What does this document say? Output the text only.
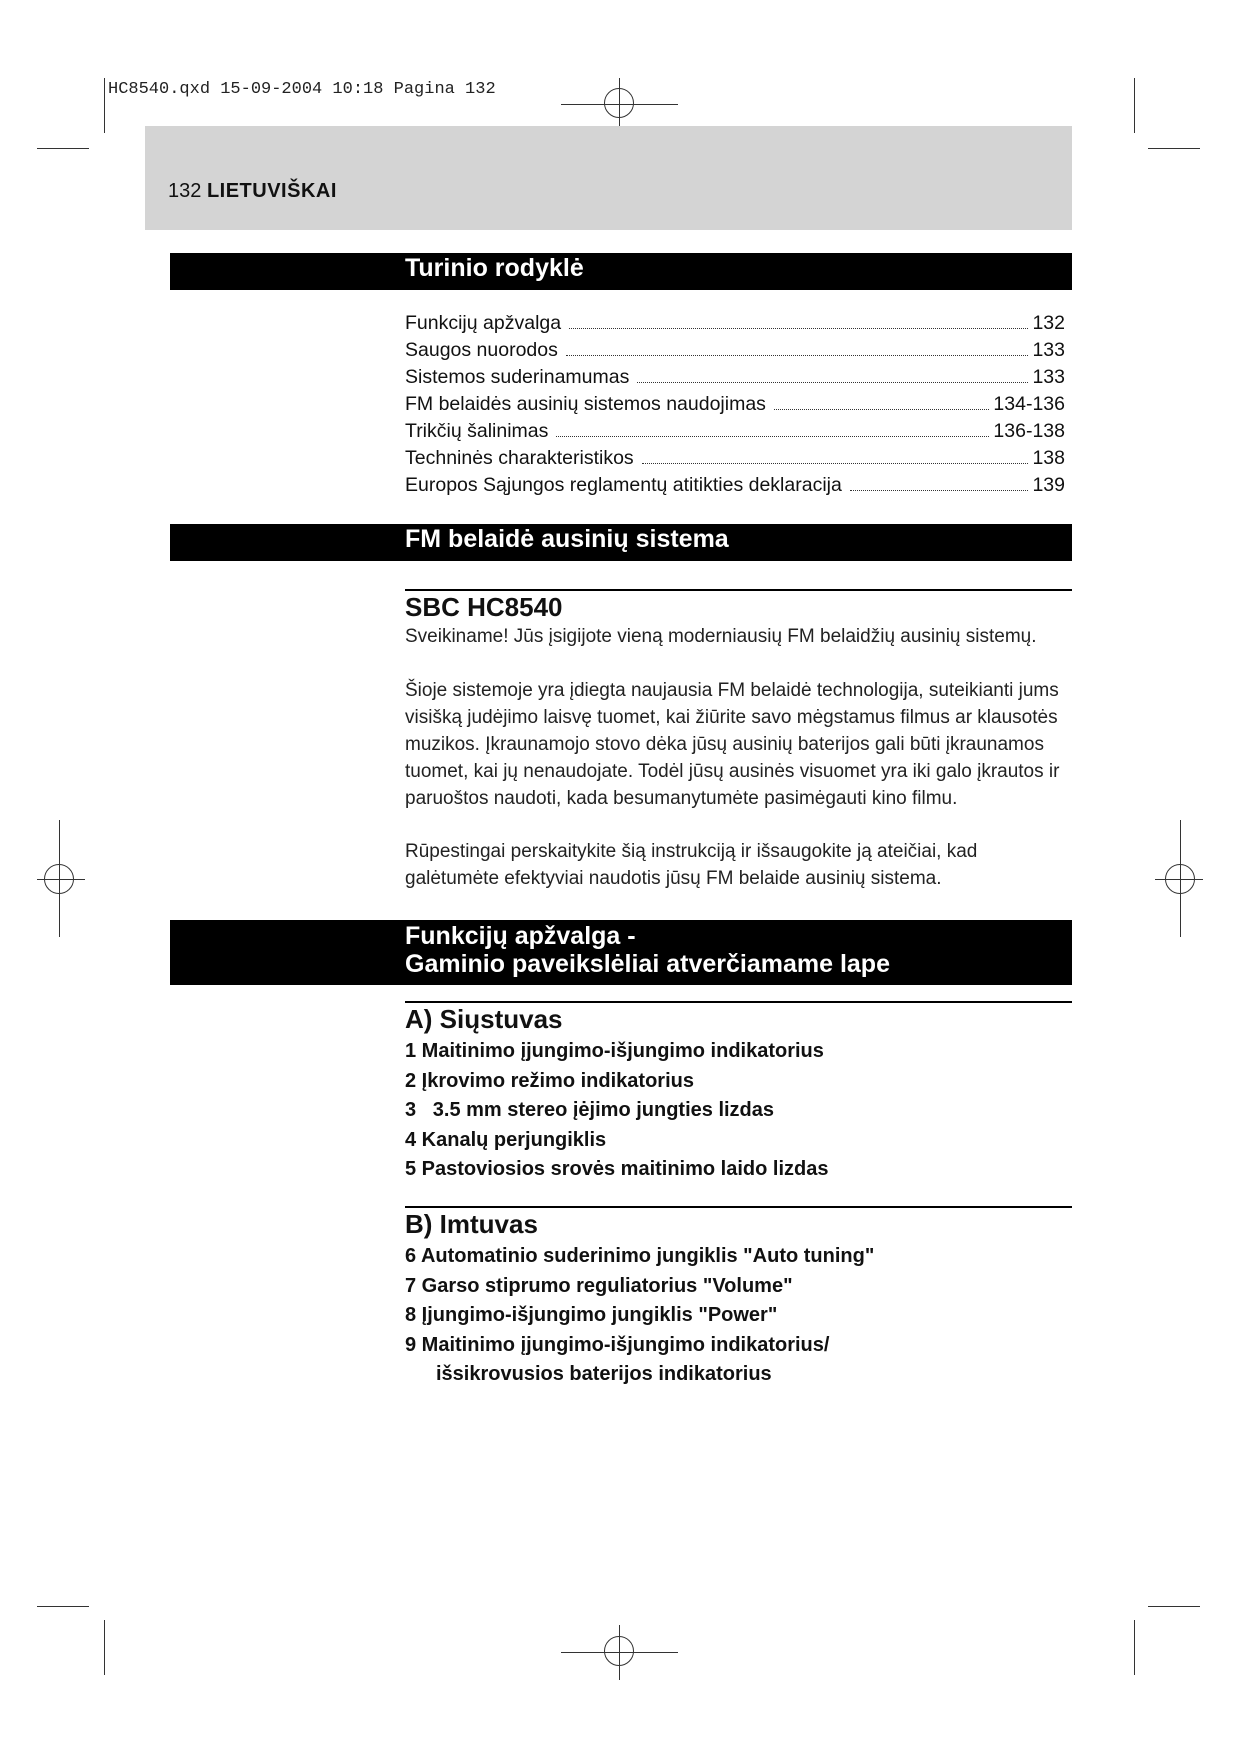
HC8540.qxd 15-09-2004 10:18 Pagina 132
132 LIETUVIŠKAI
Turinio rodyklė
Funkcijų apžvalga	132
Saugos nuorodos	133
Sistemos suderinamumas	133
FM belaidės ausinių sistemos naudojimas	134-136
Trikčių šalinimas	136-138
Techninės charakteristikos	138
Europos Sąjungos reglamentų atitikties deklaracija	139
FM belaidė ausinių sistema
SBC HC8540
Sveikiname! Jūs įsigijote vieną moderniausių FM belaidžių ausinių sistemų.
Šioje sistemoje yra įdiegta naujausia FM belaidė technologija, suteikianti jums visišką judėjimo laisvę tuomet, kai žiūrite savo mėgstamus filmus ar klausotės muzikos. Įkraunamojo stovo dėka jūsų ausinių baterijos gali būti įkraunamos tuomet, kai jų nenaudojate. Todėl jūsų ausinės visuomet yra iki galo įkrautos ir paruoštos naudoti, kada besumanytumėte pasimėgauti kino filmu.
Rūpestingai perskaitykite šią instrukciją ir išsaugokite ją ateičiai, kad galėtumėte efektyviai naudotis jūsų FM belaide ausinių sistema.
Funkcijų apžvalga -
Gaminio paveikslėliai atverčiamame lape
A) Siųstuvas
1 Maitinimo įjungimo-išjungimo indikatorius
2 Įkrovimo režimo indikatorius
3   3.5 mm stereo įėjimo jungties lizdas
4 Kanalų perjungiklis
5 Pastoviosios srovės maitinimo laido lizdas
B) Imtuvas
6 Automatinio suderinimo jungiklis "Auto tuning"
7 Garso stiprumo reguliatorius "Volume"
8 Įjungimo-išjungimo jungiklis "Power"
9 Maitinimo įjungimo-išjungimo indikatorius/
išsikrovusios baterijos indikatorius
